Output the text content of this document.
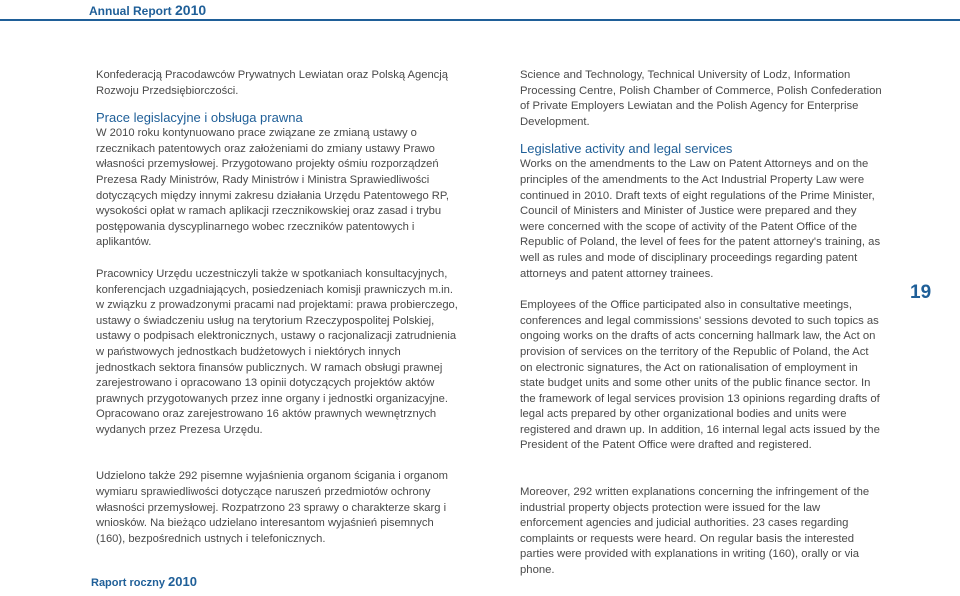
Annual Report 2010

Konfederacją Pracodawców Prywatnych Lewiatan oraz Polską Agencją Rozwoju Przedsiębiorczości.

Prace legislacyjne i obsługa prawna

W 2010 roku kontynuowano prace związane ze zmianą ustawy o rzecznikach patentowych oraz założeniami do zmiany ustawy Prawo własności przemysłowej. Przygotowano projekty ośmiu rozporządzeń Prezesa Rady Ministrów, Rady Ministrów i Ministra Sprawiedliwości dotyczących między innymi zakresu działania Urzędu Patentowego RP, wysokości opłat w ramach aplikacji rzecznikowskiej oraz zasad i trybu postępowania dyscyplinarnego wobec rzeczników patentowych i aplikantów.

Pracownicy Urzędu uczestniczyli także w spotkaniach konsultacyjnych, konferencjach uzgadniających, posiedzeniach komisji prawniczych m.in. w związku z prowadzonymi pracami nad projektami: prawa probierczego, ustawy o świadczeniu usług na terytorium Rzeczypospolitej Polskiej, ustawy o podpisach elektronicznych, ustawy o racjonalizacji zatrudnienia w państwowych jednostkach budżetowych i niektórych innych jednostkach sektora finansów publicznych. W ramach obsługi prawnej zarejestrowano i opracowano 13 opinii dotyczących projektów aktów prawnych przygotowanych przez inne organy i jednostki organizacyjne. Opracowano oraz zarejestrowano 16 aktów prawnych wewnętrznych wydanych przez Prezesa Urzędu.

Udzielono także 292 pisemne wyjaśnienia organom ścigania i organom wymiaru sprawiedliwości dotyczące naruszeń przedmiotów ochrony własności przemysłowej. Rozpatrzono 23 sprawy o charakterze skarg i wniosków. Na bieżąco udzielano interesantom wyjaśnień pisemnych (160), bezpośrednich ustnych i telefonicznych.

Science and Technology, Technical University of Lodz, Information Processing Centre, Polish Chamber of Commerce, Polish Confederation of Private Employers Lewiatan and the Polish Agency for Enterprise Development.

Legislative activity and legal services

Works on the amendments to the Law on Patent Attorneys and on the principles of the amendments to the Act Industrial Property Law were continued in 2010. Draft texts of eight regulations of the Prime Minister, Council of Ministers and Minister of Justice were prepared and they were concerned with the scope of activity of the Patent Office of the Republic of Poland, the level of fees for the patent attorney's training, as well as rules and mode of disciplinary proceedings regarding patent attorneys and patent attorney trainees.

Employees of the Office participated also in consultative meetings, conferences and legal commissions' sessions devoted to such topics as ongoing works on the drafts of acts concerning hallmark law, the Act on provision of services on the territory of the Republic of Poland, the Act on electronic signatures, the Act on rationalisation of employment in state budget units and some other units of the public finance sector. In the framework of legal services provision 13 opinions regarding drafts of legal acts prepared by other organizational bodies and units were registered and drawn up. In addition, 16 internal legal acts issued by the President of the Patent Office were drafted and registered.

Moreover, 292 written explanations concerning the infringement of the industrial property objects protection were issued for the law enforcement agencies and judicial authorities. 23 cases regarding complaints or requests were heard. On regular basis the interested parties were provided with explanations in writing (160), orally or via phone.

19
Raport roczny 2010
